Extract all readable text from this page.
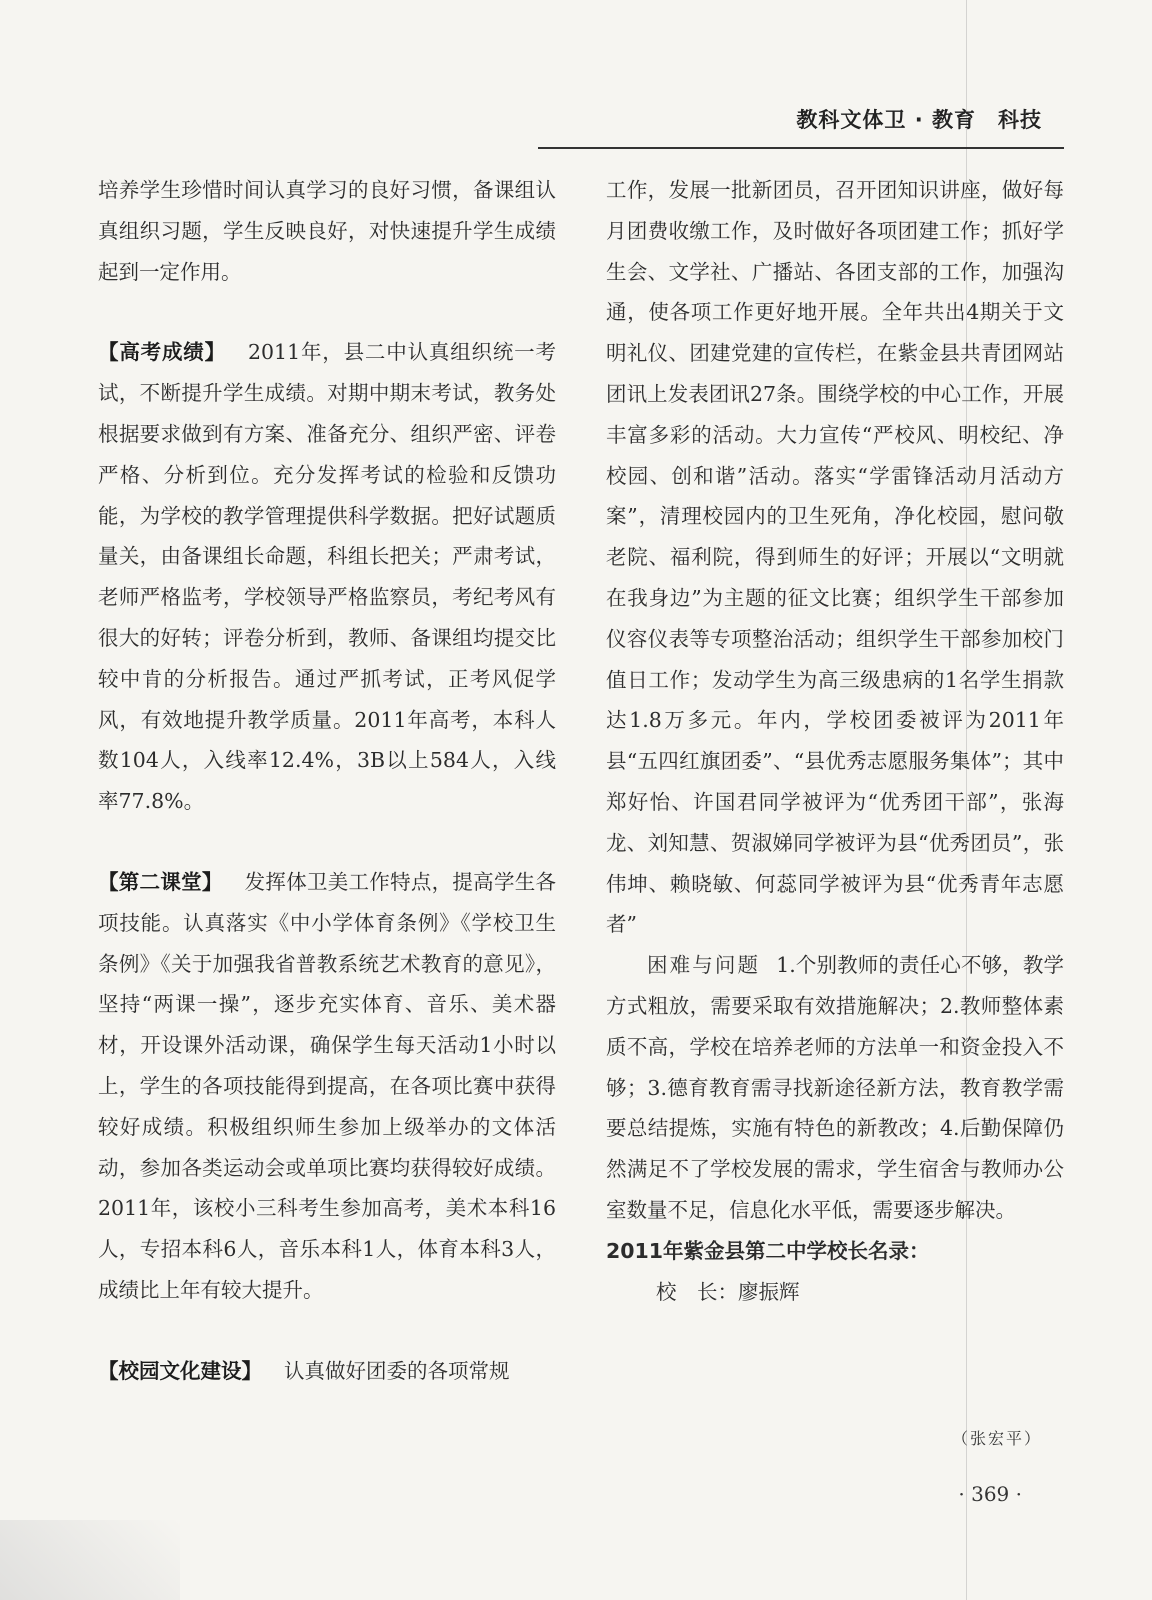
教科文体卫 · 教育　科技

培养学生珍惜时间认真学习的良好习惯，备课组认真组织习题，学生反映良好，对快速提升学生成绩起到一定作用。

【高考成绩】 2011年，县二中认真组织统一考试，不断提升学生成绩。对期中期末考试，教务处根据要求做到有方案、准备充分、组织严密、评卷严格、分析到位。充分发挥考试的检验和反馈功能，为学校的教学管理提供科学数据。把好试题质量关，由备课组长命题，科组长把关；严肃考试，老师严格监考，学校领导严格监察员，考纪考风有很大的好转；评卷分析到，教师、备课组均提交比较中肯的分析报告。通过严抓考试，正考风促学风，有效地提升教学质量。2011年高考，本科人数104人，入线率12.4%，3B以上584人，入线率77.8%。

【第二课堂】 发挥体卫美工作特点，提高学生各项技能。认真落实《中小学体育条例》《学校卫生条例》《关于加强我省普教系统艺术教育的意见》，坚持“两课一操”，逐步充实体育、音乐、美术器材，开设课外活动课，确保学生每天活动1小时以上，学生的各项技能得到提高，在各项比赛中获得较好成绩。积极组织师生参加上级举办的文体活动，参加各类运动会或单项比赛均获得较好成绩。2011年，该校小三科考生参加高考，美术本科16人，专招本科6人，音乐本科1人，体育本科3人，成绩比上年有较大提升。

【校园文化建设】 认真做好团委的各项常规

工作，发展一批新团员，召开团知识讲座，做好每月团费收缴工作，及时做好各项团建工作；抓好学生会、文学社、广播站、各团支部的工作，加强沟通，使各项工作更好地开展。全年共出4期关于文明礼仪、团建党建的宣传栏，在紫金县共青团网站团讯上发表团讯27条。围绕学校的中心工作，开展丰富多彩的活动。大力宣传“严校风、明校纪、净校园、创和谐”活动。落实“学雷锋活动月活动方案”，清理校园内的卫生死角，净化校园，慰问敬老院、福利院，得到师生的好评；开展以“文明就在我身边”为主题的征文比赛；组织学生干部参加仪容仪表等专项整治活动；组织学生干部参加校门值日工作；发动学生为高三级患病的1名学生捐款达1.8万多元。年内，学校团委被评为2011年县“五四红旗团委”、“县优秀志愿服务集体”；其中郑好怡、许国君同学被评为“优秀团干部”，张海龙、刘知慧、贺淑娣同学被评为县“优秀团员”，张伟坤、赖晓敏、何蕊同学被评为县“优秀青年志愿者”

困难与问题 1.个别教师的责任心不够，教学方式粗放，需要采取有效措施解决；2.教师整体素质不高，学校在培养老师的方法单一和资金投入不够；3.德育教育需寻找新途径新方法，教育教学需要总结提炼，实施有特色的新教改；4.后勤保障仍然满足不了学校发展的需求，学生宿舍与教师办公室数量不足，信息化水平低，需要逐步解决。

2011年紫金县第二中学校长名录：

校　长：廖振辉

（张宏平）
· 369 ·
